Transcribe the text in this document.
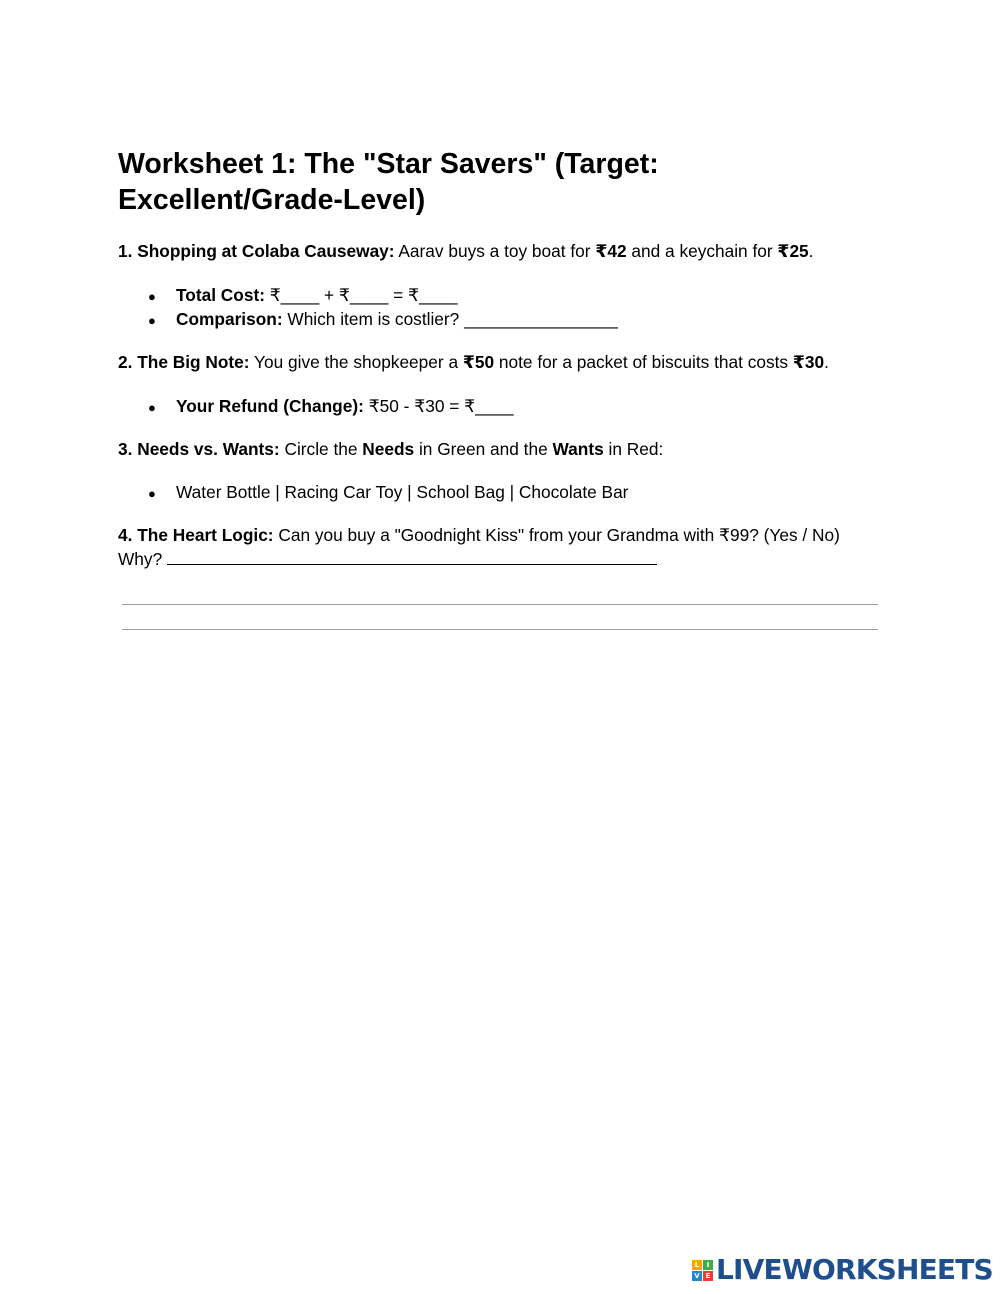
Worksheet 1: The "Star Savers" (Target: Excellent/Grade-Level)

1. Shopping at Colaba Causeway: Aarav buys a toy boat for ₹42 and a keychain for ₹25.

● Total Cost: ₹____ + ₹____ = ₹____

● Comparison: Which item is costlier? ________________

2. The Big Note: You give the shopkeeper a ₹50 note for a packet of biscuits that costs ₹30.

● Your Refund (Change): ₹50 - ₹30 = ₹____

3. Needs vs. Wants: Circle the Needs in Green and the Wants in Red:

● Water Bottle | Racing Car Toy | School Bag | Chocolate Bar

4. The Heart Logic: Can you buy a "Goodnight Kiss" from your Grandma with ₹99? (Yes / No)

Why?

L	I
V E LIVEWORKSHEETS
